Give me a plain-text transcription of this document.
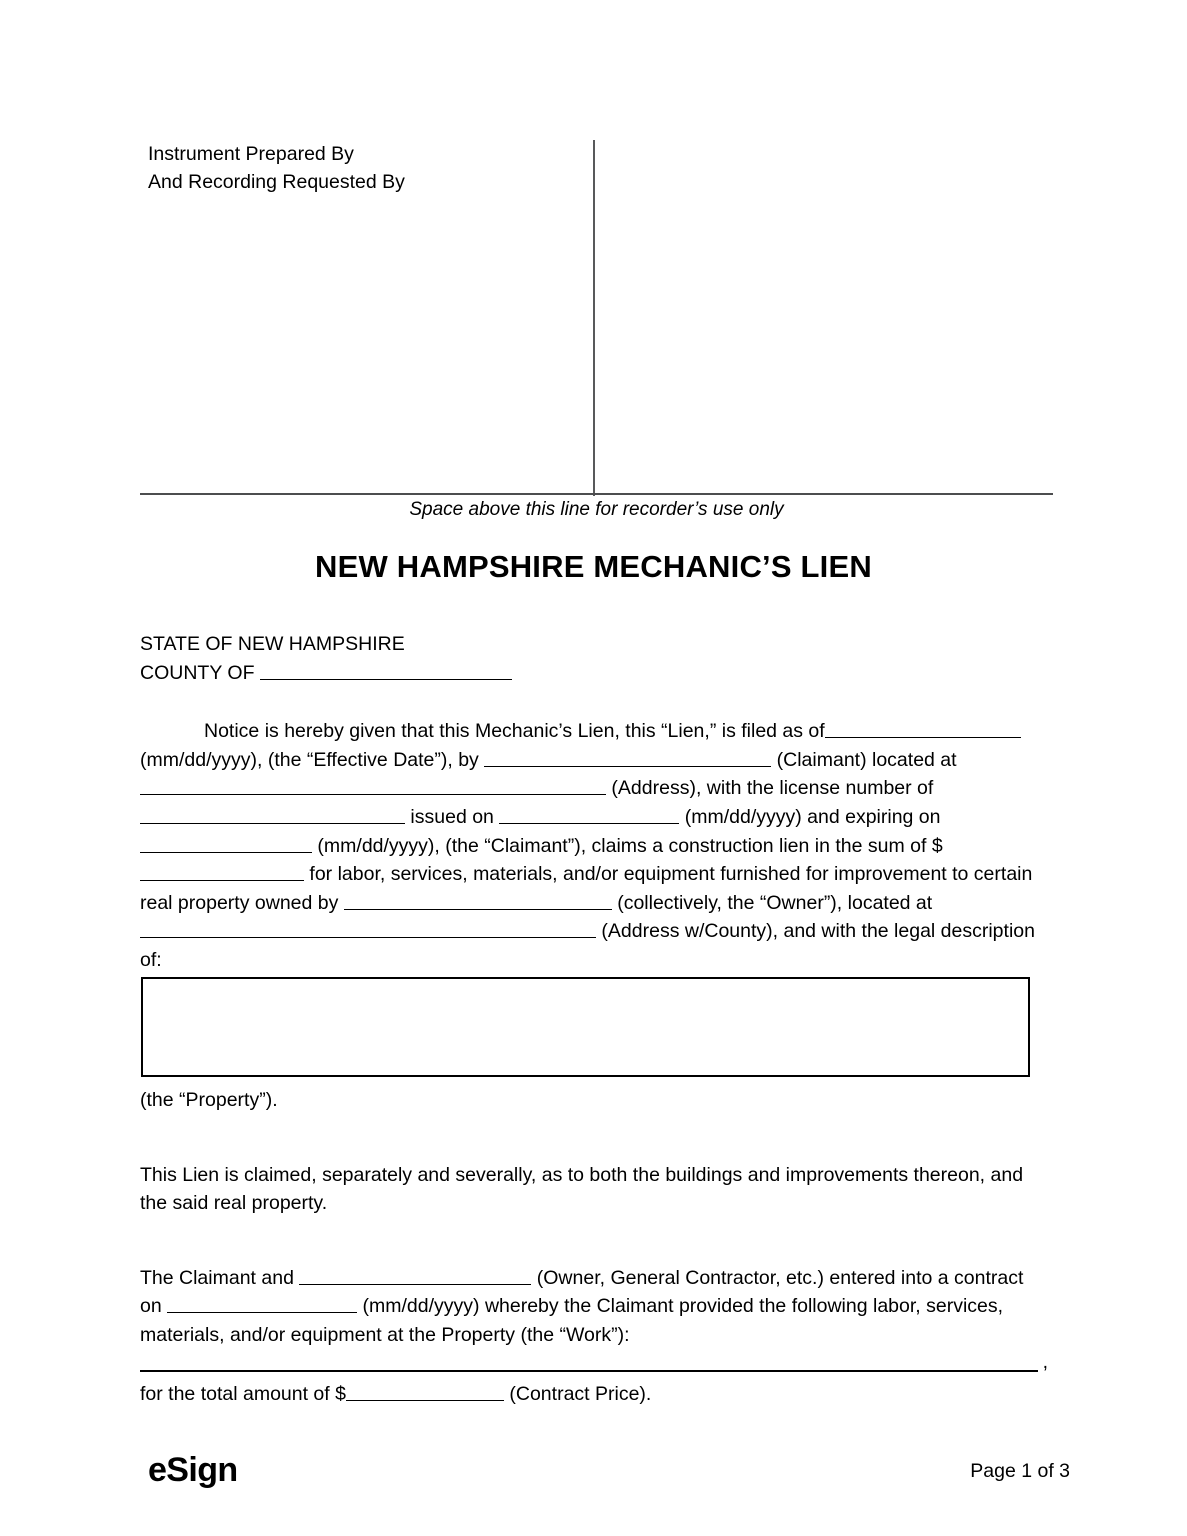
Instrument Prepared By
And Recording Requested By
Space above this line for recorder’s use only
NEW HAMPSHIRE MECHANIC’S LIEN
STATE OF NEW HAMPSHIRE
COUNTY OF
Notice is hereby given that this Mechanic’s Lien, this “Lien,” is filed as of (mm/dd/yyyy), (the “Effective Date”), by	(Claimant) located at  (Address), with the license number of  issued on	(mm/dd/yyyy) and expiring on  (mm/dd/yyyy), (the “Claimant”), claims a construction lien in the sum of $ for labor, services, materials, and/or equipment furnished for improvement to certain real property owned by	(collectively, the “Owner”), located at  (Address w/County), and with the legal description of:
(the “Property”).
This Lien is claimed, separately and severally, as to both the buildings and improvements thereon, and the said real property.
The Claimant and	(Owner, General Contractor, etc.) entered into a contract on	(mm/dd/yyyy) whereby the Claimant provided the following labor, services, materials, and/or equipment at the Property (the “Work”):
,
for the total amount of $	(Contract Price).
eSign	Page 1 of 3
